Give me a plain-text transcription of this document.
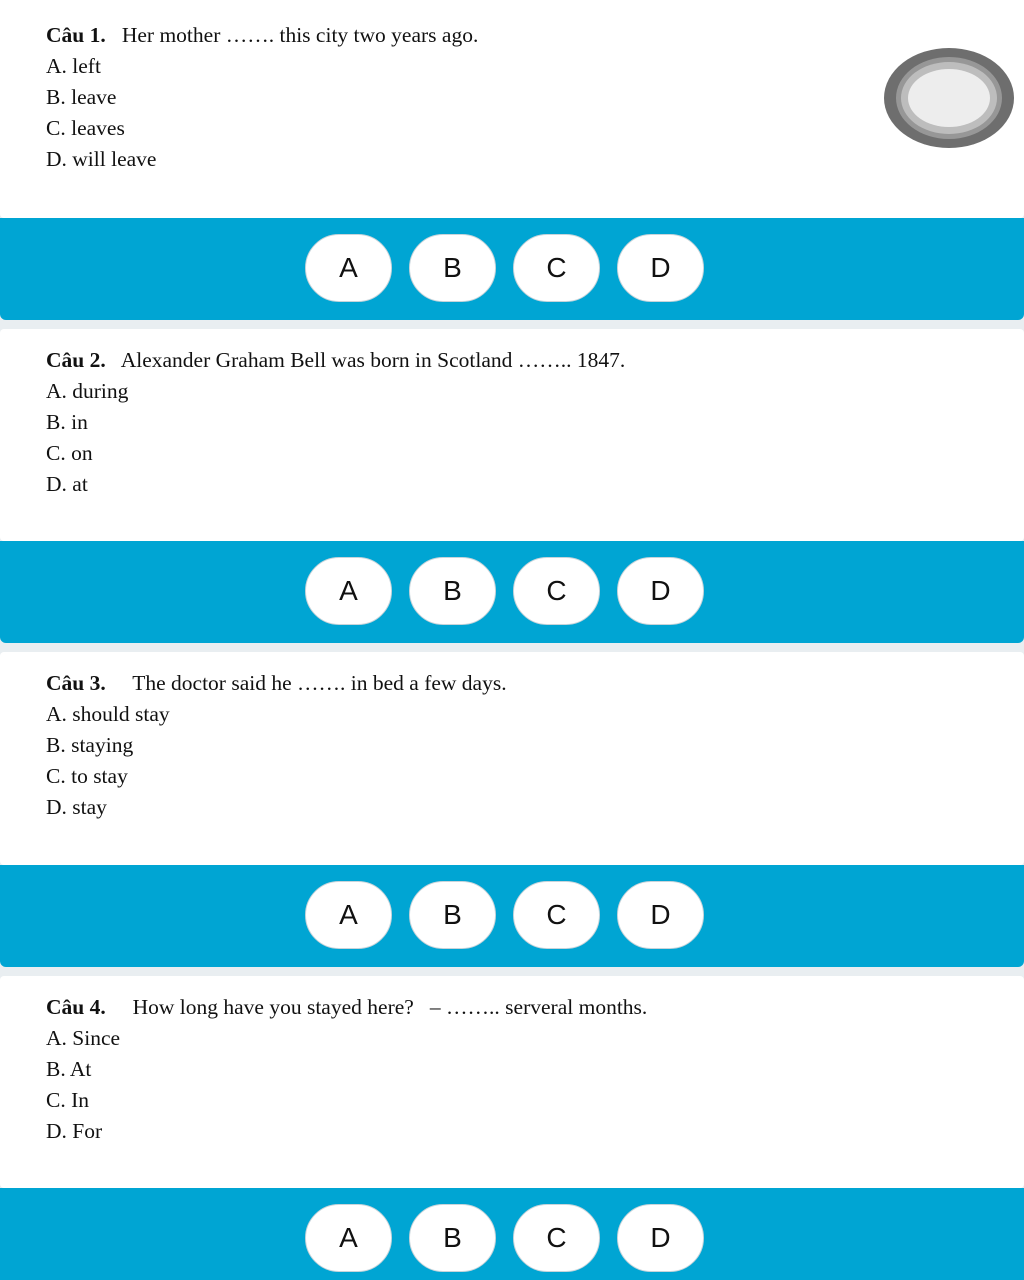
Câu 1. Her mother ……. this city two years ago.
A. left
B. leave
C. leaves
D. will leave
A	B	C	D
Câu 2. Alexander Graham Bell was born in Scotland …….. 1847.
A. during
B. in
C. on
D. at
A	B	C	D
Câu 3. The doctor said he ……. in bed a few days.
A. should stay
B. staying
C. to stay
D. stay
A	B	C	D
Câu 4. How long have you stayed here?   – …….. serveral months.
A. Since
B. At
C. In
D. For
A	B	C	D
